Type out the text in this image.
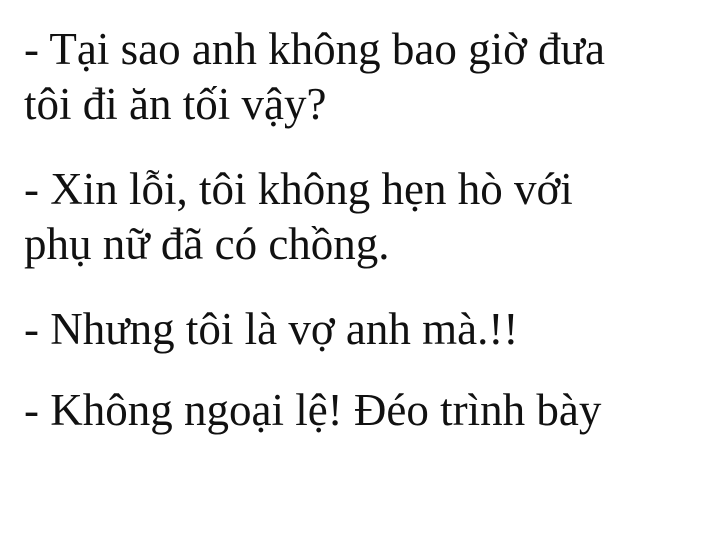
- Tại sao anh không bao giờ đưa
tôi đi ăn tối vậy?
- Xin lỗi, tôi không hẹn hò với
phụ nữ đã có chồng.
- Nhưng tôi là vợ anh mà.!!
- Không ngoại lệ! Đéo trình bày
